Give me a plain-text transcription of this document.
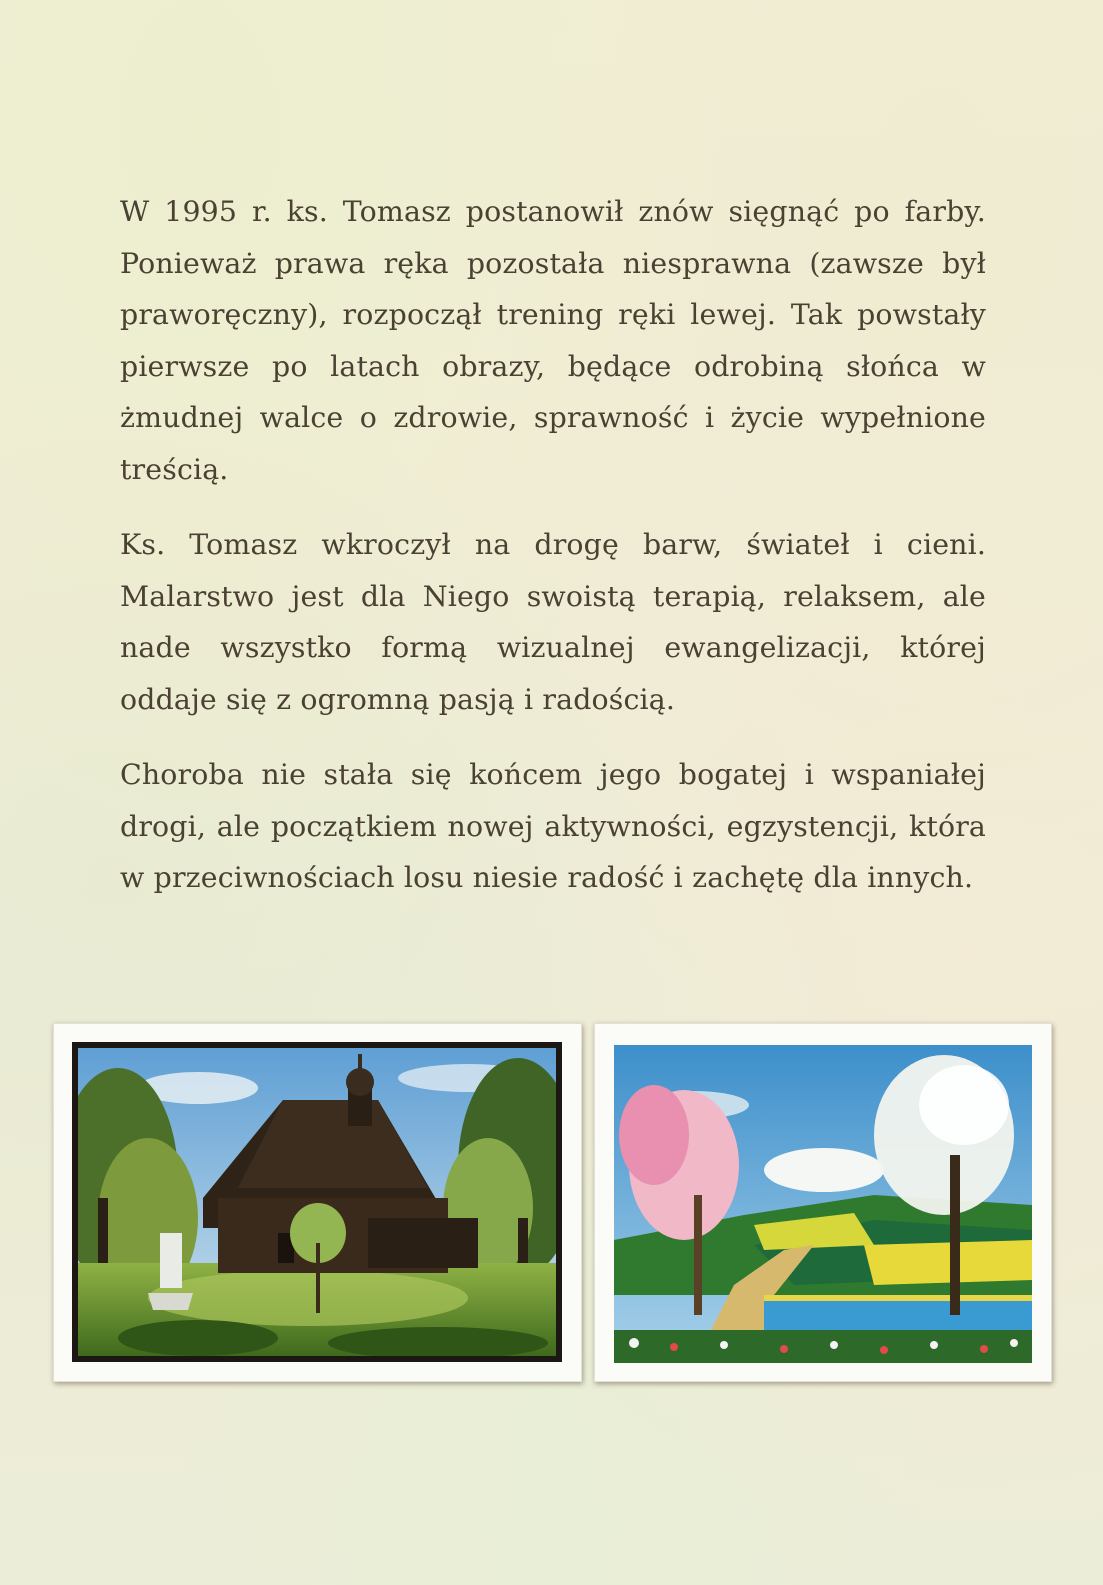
W 1995 r. ks. Tomasz postanowił znów sięgnąć po farby. Ponieważ prawa ręka pozostała niesprawna (zawsze był praworęczny), rozpoczął trening ręki lewej. Tak powstały pierwsze po latach obrazy, będące odrobiną słońca w żmudnej walce o zdrowie, sprawność i życie wypełnione treścią.

Ks. Tomasz wkroczył na drogę barw, świateł i cieni. Malarstwo jest dla Niego swoistą terapią, relaksem, ale nade wszystko formą wizualnej ewangelizacji, której oddaje się z ogromną pasją i radością.

Choroba nie stała się końcem jego bogatej i wspaniałej drogi, ale początkiem nowej aktywności, egzystencji, która w przeciwnościach losu niesie radość i zachętę dla innych.
